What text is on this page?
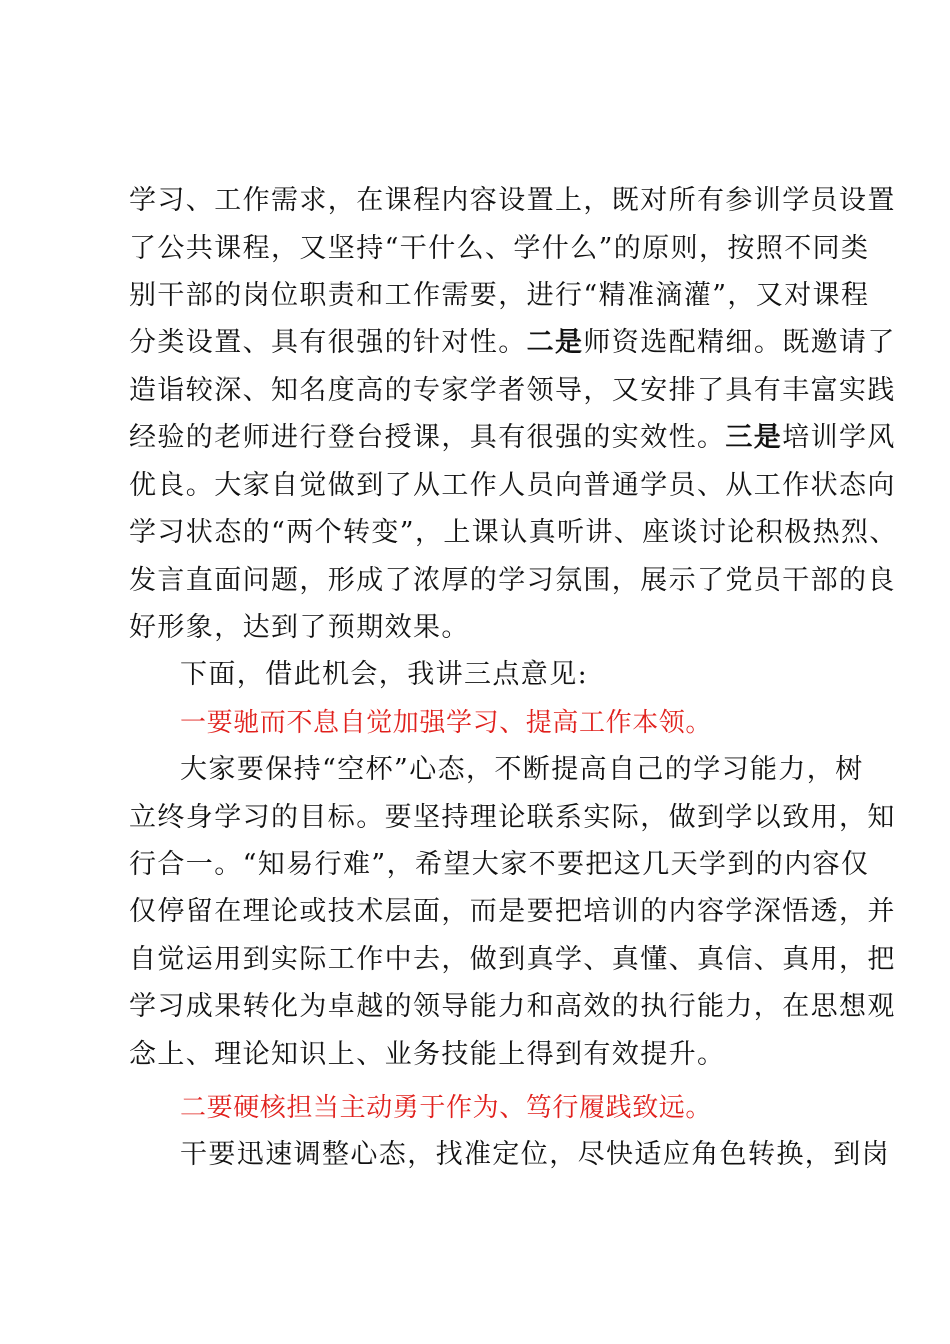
学习、工作需求，在课程内容设置上，既对所有参训学员设置
了公共课程，又坚持“干什么、学什么”的原则，按照不同类
别干部的岗位职责和工作需要，进行“精准滴灌”，又对课程
分类设置、具有很强的针对性。二是师资选配精细。既邀请了
造诣较深、知名度高的专家学者领导，又安排了具有丰富实践
经验的老师进行登台授课，具有很强的实效性。三是培训学风
优良。大家自觉做到了从工作人员向普通学员、从工作状态向
学习状态的“两个转变”，上课认真听讲、座谈讨论积极热烈、
发言直面问题，形成了浓厚的学习氛围，展示了党员干部的良
好形象，达到了预期效果。
下面，借此机会，我讲三点意见:
一要驰而不息自觉加强学习、提高工作本领。
大家要保持“空杯”心态，不断提高自己的学习能力，树
立终身学习的目标。要坚持理论联系实际，做到学以致用，知
行合一。“知易行难”，希望大家不要把这几天学到的内容仅
仅停留在理论或技术层面，而是要把培训的内容学深悟透，并
自觉运用到实际工作中去，做到真学、真懂、真信、真用，把
学习成果转化为卓越的领导能力和高效的执行能力，在思想观
念上、理论知识上、业务技能上得到有效提升。
二要硬核担当主动勇于作为、笃行履践致远。
干要迅速调整心态，找准定位，尽快适应角色转换，到岗
